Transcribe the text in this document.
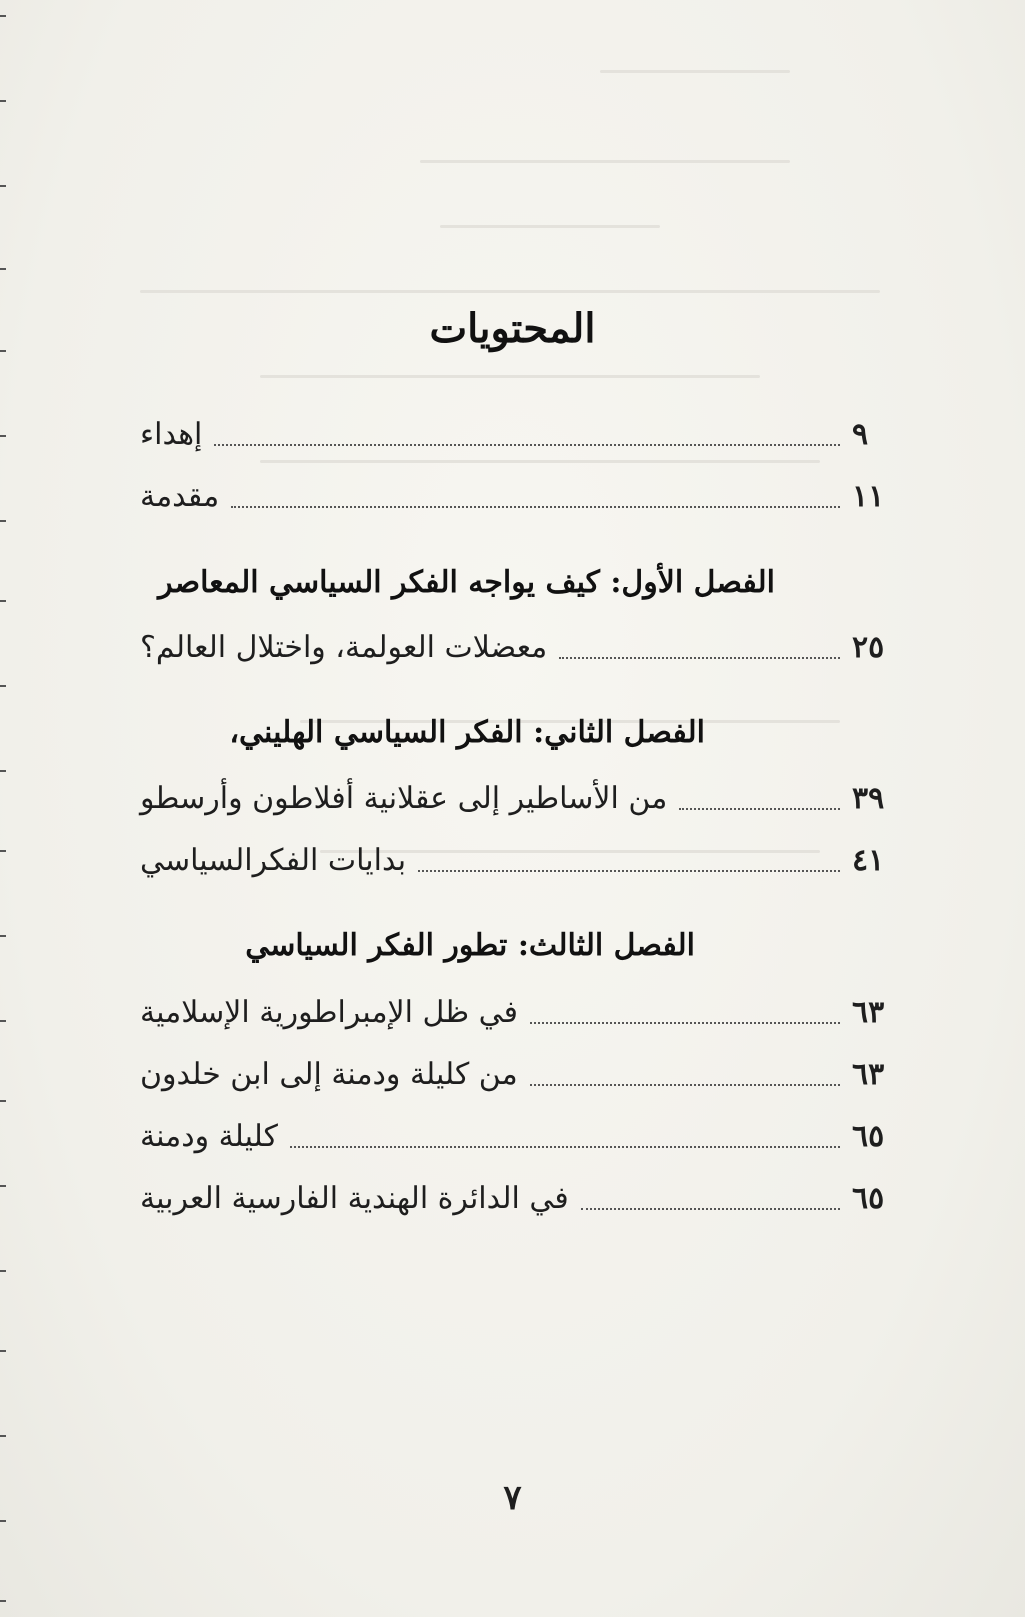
المحتويات
إهداء	٩
مقدمة	١١
الفصل الأول: كيف يواجه الفكر السياسي المعاصر
معضلات العولمة، واختلال العالم؟	٢٥
الفصل الثاني: الفكر السياسي الهليني،
من الأساطير إلى عقلانية أفلاطون وأرسطو	٣٩
بدايات الفكرالسياسي	٤١
الفصل الثالث: تطور الفكر السياسي
في ظل الإمبراطورية الإسلامية	٦٣
من كليلة ودمنة إلى ابن خلدون	٦٣
كليلة ودمنة	٦٥
في الدائرة الهندية الفارسية العربية	٦٥
٧
